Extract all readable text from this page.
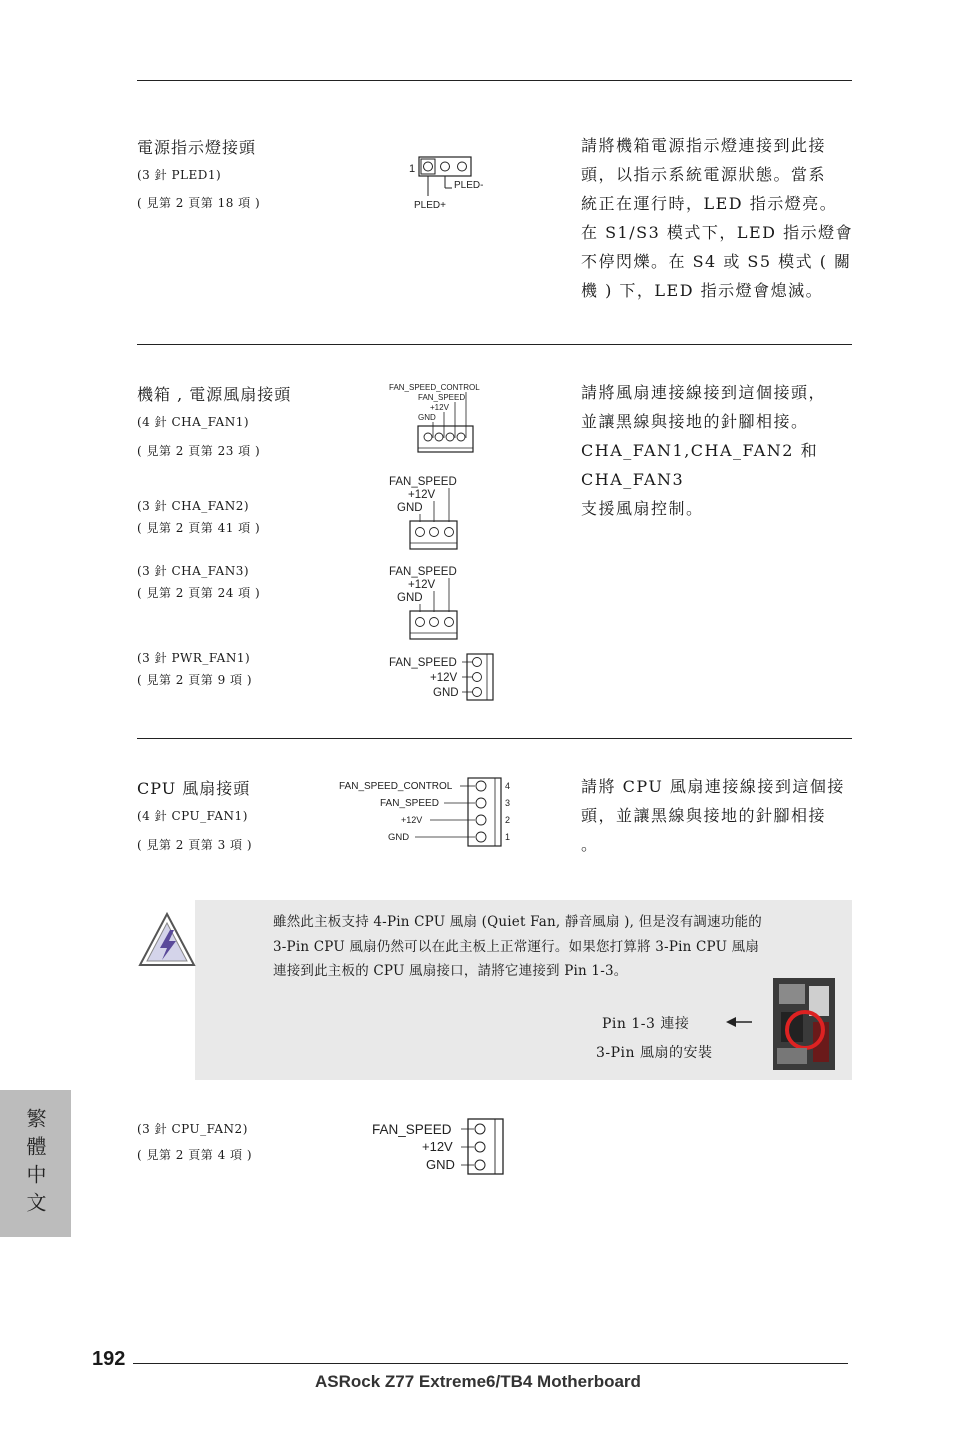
電源指示燈接頭
(3 針 PLED1)
( 見第 2 頁第 18 項 )
1
PLED-
PLED+
請將機箱電源指示燈連接到此接
頭，以指示系統電源狀態。當系
統正在運行時，LED 指示燈亮。
在 S1/S3 模式下，LED 指示燈會
不停閃爍。在 S4 或 S5 模式 ( 關
機 ) 下，LED 指示燈會熄滅。
機箱 , 電源風扇接頭
(4 針 CHA_FAN1)
( 見第 2 頁第 23 項 )
(3 針 CHA_FAN2)
( 見第 2 頁第 41 項 )
(3 針 CHA_FAN3)
( 見第 2 頁第 24 項 )
(3 針 PWR_FAN1)
( 見第 2 頁第 9 項 )
FAN_SPEED_CONTROL
FAN_SPEED
+12V
GND
FAN_SPEED
+12V
GND
FAN_SPEED
+12V
GND
FAN_SPEED
+12V
GND
請將風扇連接線接到這個接頭，
並讓黑線與接地的針腳相接。
CHA_FAN1,CHA_FAN2 和 CHA_FAN3
支援風扇控制。
CPU 風扇接頭
(4 針 CPU_FAN1)
( 見第 2 頁第 3 項 )
FAN_SPEED_CONTROL
FAN_SPEED
+12V
GND
4
3
2
1
請將 CPU 風扇連接線接到這個接
頭，並讓黑線與接地的針腳相接
。
雖然此主板支持 4-Pin CPU 風扇 (Quiet Fan, 靜音風扇 ), 但是沒有調速功能的
3-Pin CPU 風扇仍然可以在此主板上正常運行。如果您打算將 3-Pin CPU 風扇
連接到此主板的 CPU 風扇接口，請將它連接到 Pin 1-3。
Pin 1-3 連接
3-Pin 風扇的安裝
(3 針 CPU_FAN2)
( 見第 2 頁第 4 項 )
FAN_SPEED
+12V
GND
繁體中文
192
ASRock Z77 Extreme6/TB4 Motherboard
